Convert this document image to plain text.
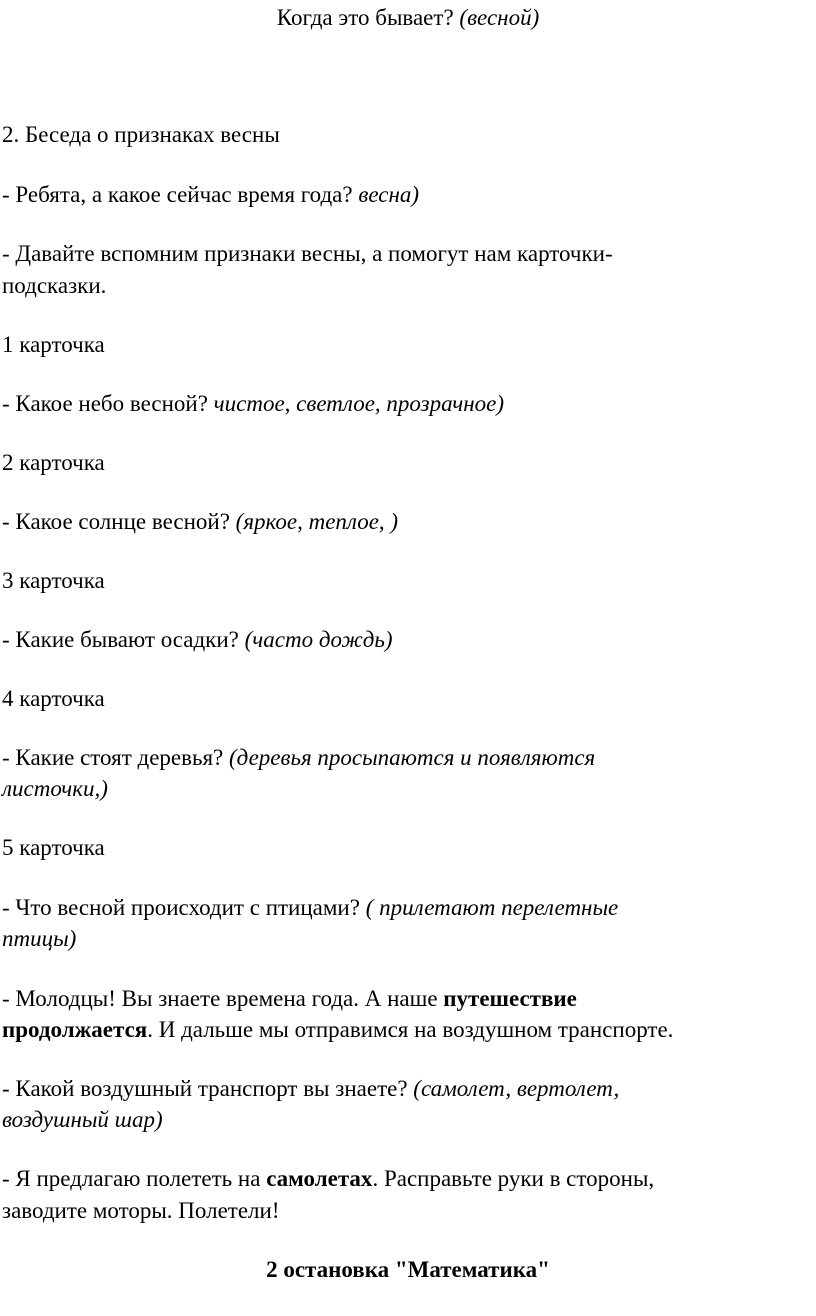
Когда это бывает? (весной)
2. Беседа о признаках весны
- Ребята, а какое сейчас время года? весна)
- Давайте вспомним признаки весны, а помогут нам карточки-
подсказки.
1 карточка
- Какое небо весной? чистое, светлое, прозрачное)
2 карточка
- Какое солнце весной? (яркое, теплое, )
3 карточка
- Какие бывают осадки? (часто дождь)
4 карточка
- Какие стоят деревья? (деревья просыпаются и появляются
листочки,)
5 карточка
- Что весной происходит с птицами? ( прилетают перелетные
птицы)
- Молодцы! Вы знаете времена года. А наше путешествие
продолжается. И дальше мы отправимся на воздушном транспорте.
- Какой воздушный транспорт вы знаете? (самолет, вертолет,
воздушный шар)
- Я предлагаю полететь на самолетах. Расправьте руки в стороны,
заводите моторы. Полетели!
2 остановка "Математика"
